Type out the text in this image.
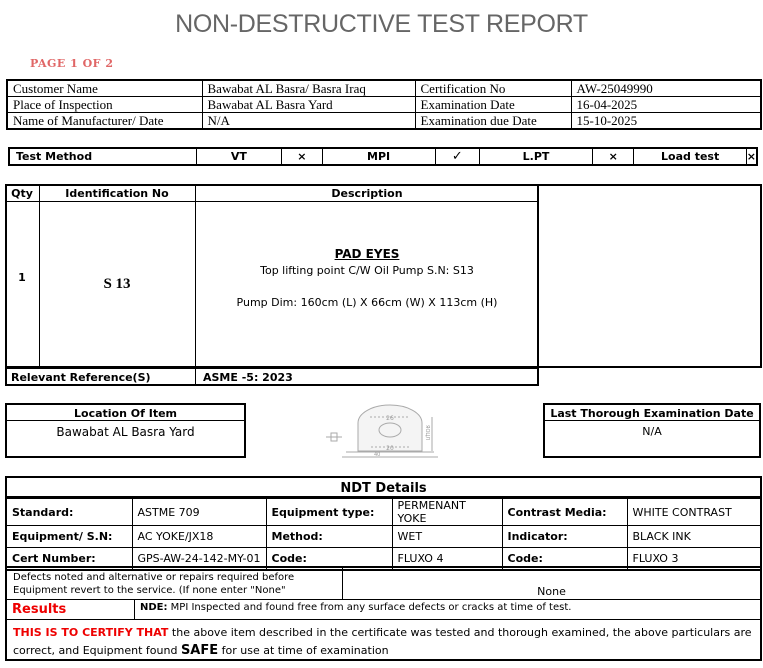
NON-DESTRUCTIVE TEST REPORT
PAGE 1 OF 2
Customer Name	Bawabat AL Basra/ Basra Iraq	Certification No	AW-25049990
Place of Inspection	Bawabat AL Basra Yard	Examination Date	16-04-2025
Name of Manufacturer/ Date	N/A	Examination due Date	15-10-2025
Test Method	VT	×	MPI	✓	L.PT	×	Load test	×
Qty	Identification No	Description
1	S 13
PAD EYES
Top lifting point C/W Oil Pump S.N: S13
Pump Dim: 160cm (L) X 66cm (W) X 113cm (H)
Relevant Reference(S)	ASME -5: 2023
Location Of Item
Bawabat AL Basra Yard
26
20
40
ЯОЦЛ
Last Thorough Examination Date
N/A
NDT Details
Standard:	ASTME 709	Equipment type:	PERMENANT YOKE	Contrast Media:	WHITE CONTRAST
Equipment/ S.N:	AC YOKE/JX18	Method:	WET	Indicator:	BLACK INK
Cert Number:	GPS-AW-24-142-MY-01	Code:	FLUXO 4	Code:	FLUXO 3
Defects noted and alternative or repairs required before
Equipment revert to the service. (If none enter "None"	None
Results	NDE: MPI Inspected and found free from any surface defects or cracks at time of test.
THIS IS TO CERTIFY THAT the above item described in the certificate was tested and thorough examined, the above particulars are
correct, and Equipment found SAFE for use at time of examination
